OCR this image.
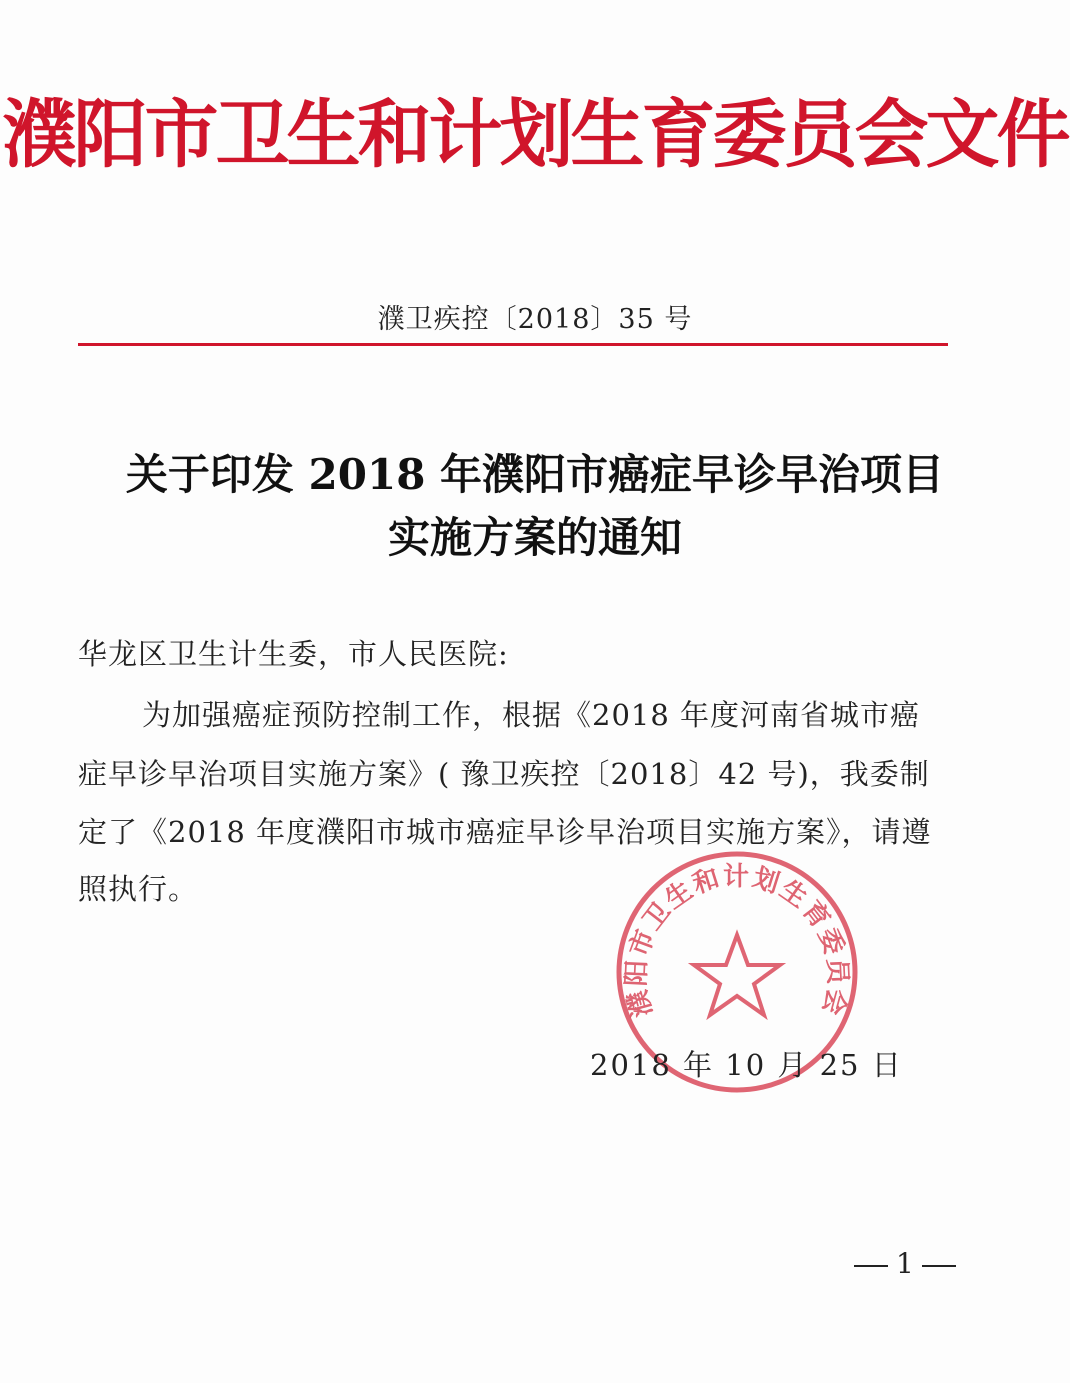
濮阳市卫生和计划生育委员会文件
濮卫疾控〔2018〕35 号
关于印发 2018 年濮阳市癌症早诊早治项目
实施方案的通知
华龙区卫生计生委，市人民医院:
为加强癌症预防控制工作，根据《2018 年度河南省城市癌
症早诊早治项目实施方案》( 豫卫疾控〔2018〕42 号)，我委制
定了《2018 年度濮阳市城市癌症早诊早治项目实施方案》，请遵
照执行。
濮阳市卫生和计划生育委员会
2018 年 10 月 25 日
1
